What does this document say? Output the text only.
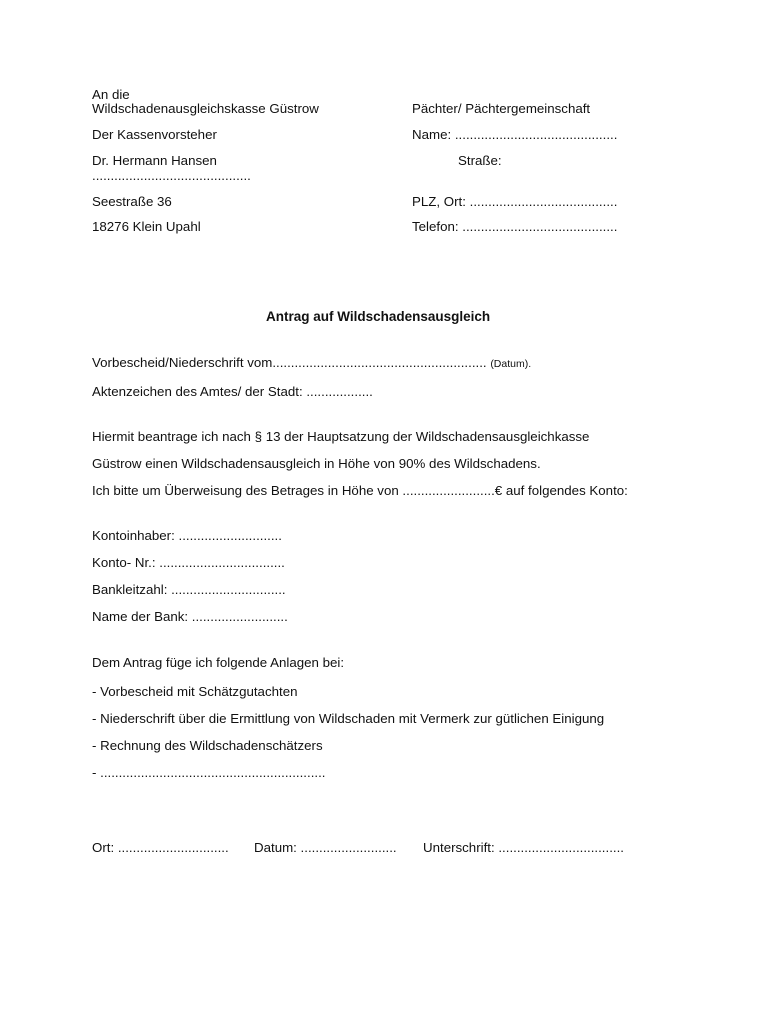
An die
Wildschadenausgleichskasse Güstrow
Der Kassenvorsteher
Dr. Hermann Hansen
...........................................
Seestraße 36
18276 Klein Upahl
Pächter/ Pächtergemeinschaft
Name: ............................................
Straße:
PLZ, Ort: ........................................
Telefon: ..........................................
Antrag auf Wildschadensausgleich
Vorbescheid/Niederschrift vom.......................................................... (Datum).
Aktenzeichen des Amtes/ der Stadt: ..................
Hiermit beantrage ich nach § 13 der Hauptsatzung der Wildschadensausgleichkasse
Güstrow einen Wildschadensausgleich in Höhe von 90% des Wildschadens.
Ich bitte um Überweisung des Betrages in Höhe von .........................€ auf folgendes Konto:
Kontoinhaber: ............................
Konto- Nr.: ..................................
Bankleitzahl: ...............................
Name der Bank: ..........................
Dem Antrag füge ich folgende Anlagen bei:
- Vorbescheid mit Schätzgutachten
- Niederschrift über die Ermittlung von Wildschaden mit Vermerk zur gütlichen Einigung
- Rechnung des Wildschadenschätzers
- .............................................................
Ort: .............................. Datum: .......................... Unterschrift: ..................................
